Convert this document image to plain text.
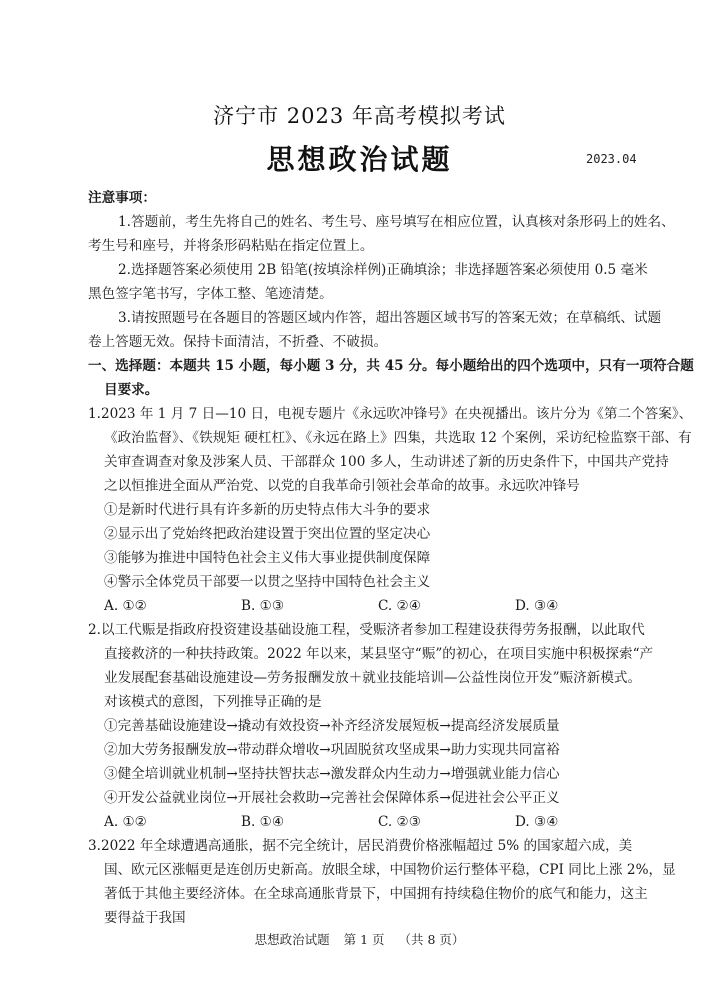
济宁市 2023 年高考模拟考试
思想政治试题	2023.04
注意事项：
1.答题前，考生先将自己的姓名、考生号、座号填写在相应位置，认真核对条形码上的姓名、
考生号和座号，并将条形码粘贴在指定位置上。
2.选择题答案必须使用 2B 铅笔(按填涂样例)正确填涂；非选择题答案必须使用 0.5 毫米
黑色签字笔书写，字体工整、笔迹清楚。
3.请按照题号在各题目的答题区域内作答，超出答题区域书写的答案无效；在草稿纸、试题
卷上答题无效。保持卡面清洁，不折叠、不破损。
一、选择题：本题共 15 小题，每小题 3 分，共 45 分。每小题给出的四个选项中，只有一项符合题
目要求。
1.2023 年 1 月 7 日—10 日，电视专题片《永远吹冲锋号》在央视播出。该片分为《第二个答案》、
《政治监督》、《铁规矩 硬杠杠》、《永远在路上》四集，共选取 12 个案例，采访纪检监察干部、有
关审查调查对象及涉案人员、干部群众 100 多人，生动讲述了新的历史条件下，中国共产党持
之以恒推进全面从严治党、以党的自我革命引领社会革命的故事。永远吹冲锋号
①是新时代进行具有许多新的历史特点伟大斗争的要求
②显示出了党始终把政治建设置于突出位置的坚定决心
③能够为推进中国特色社会主义伟大事业提供制度保障
④警示全体党员干部要一以贯之坚持中国特色社会主义
A. ①②	B. ①③	C. ②④	D. ③④
2.以工代赈是指政府投资建设基础设施工程，受赈济者参加工程建设获得劳务报酬，以此取代
直接救济的一种扶持政策。2022 年以来，某县坚守“赈”的初心，在项目实施中积极探索“产
业发展配套基础设施建设—劳务报酬发放＋就业技能培训—公益性岗位开发”赈济新模式。
对该模式的意图，下列推导正确的是
①完善基础设施建设→撬动有效投资→补齐经济发展短板→提高经济发展质量
②加大劳务报酬发放→带动群众增收→巩固脱贫攻坚成果→助力实现共同富裕
③健全培训就业机制→坚持扶智扶志→激发群众内生动力→增强就业能力信心
④开发公益就业岗位→开展社会救助→完善社会保障体系→促进社会公平正义
A. ①②	B. ①④	C. ②③	D. ③④
3.2022 年全球遭遇高通胀，据不完全统计，居民消费价格涨幅超过 5% 的国家超六成，美
国、欧元区涨幅更是连创历史新高。放眼全球，中国物价运行整体平稳，CPI 同比上涨 2%，显
著低于其他主要经济体。在全球高通胀背景下，中国拥有持续稳住物价的底气和能力，这主
要得益于我国
思想政治试题 第 1 页 （共 8 页）
